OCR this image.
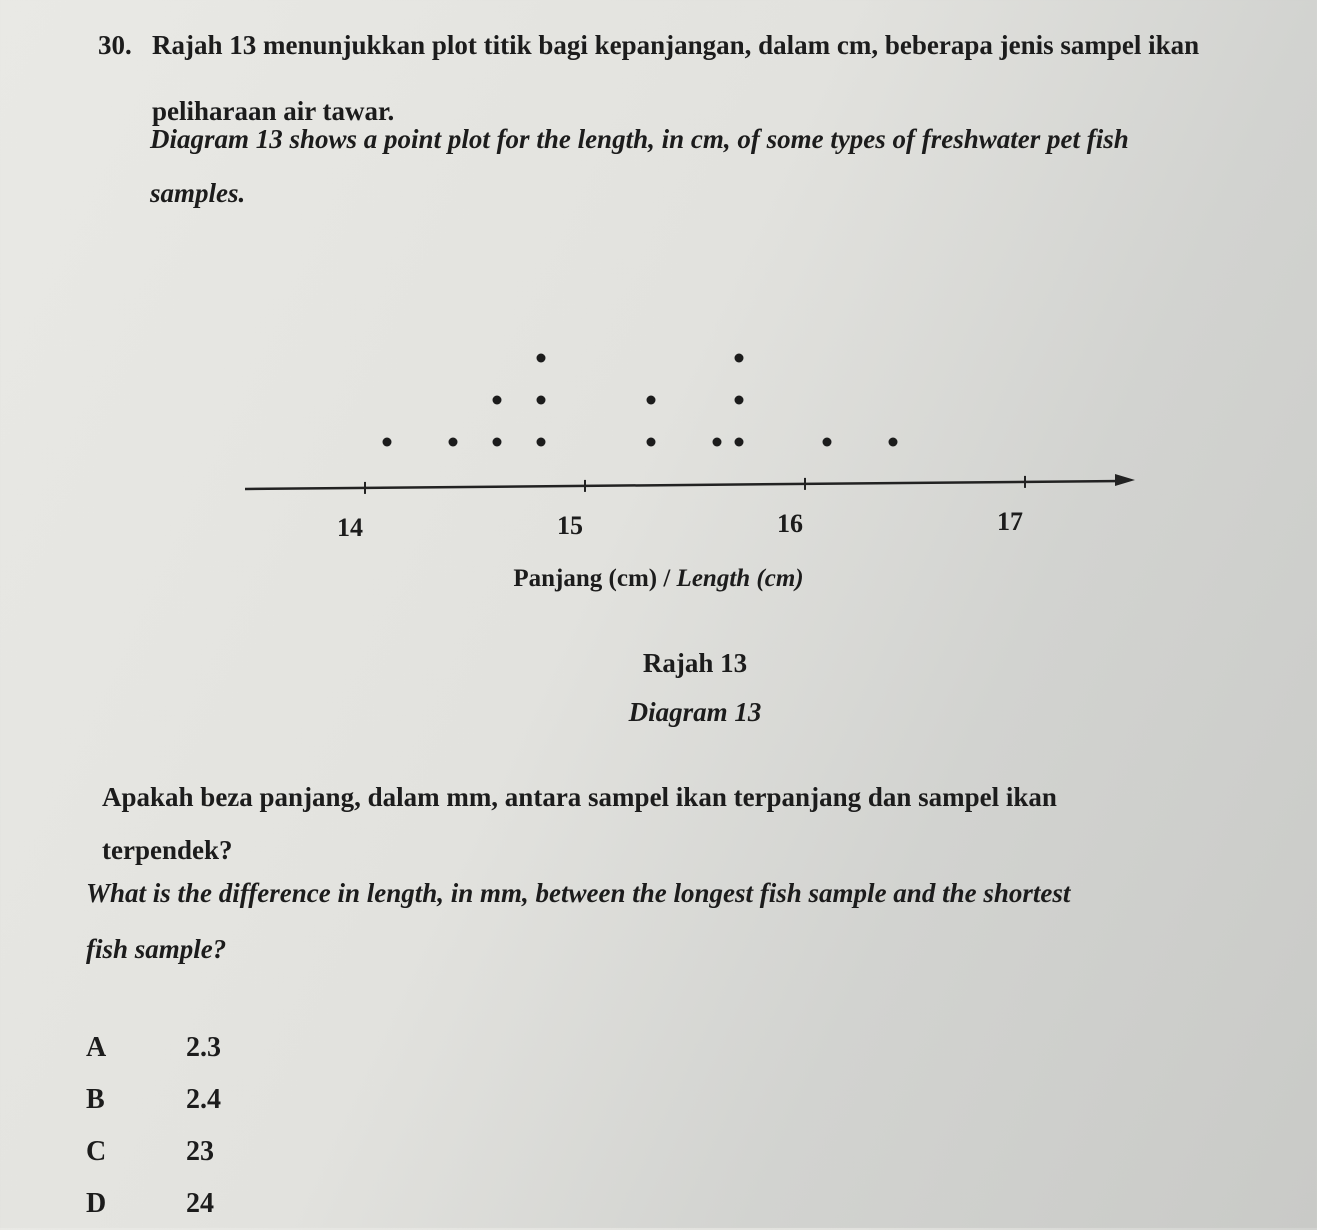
30. Rajah 13 menunjukkan plot titik bagi kepanjangan, dalam cm, beberapa jenis sampel ikan
peliharaan air tawar.
Diagram 13 shows a point plot for the length, in cm, of some types of freshwater pet fish
samples.
14	15	16	17
Panjang (cm) / Length (cm)
Rajah 13
Diagram 13
Apakah beza panjang, dalam mm, antara sampel ikan terpanjang dan sampel ikan
terpendek?
What is the difference in length, in mm, between the longest fish sample and the shortest
fish sample?
A	2.3
B	2.4
C	23
D	24
